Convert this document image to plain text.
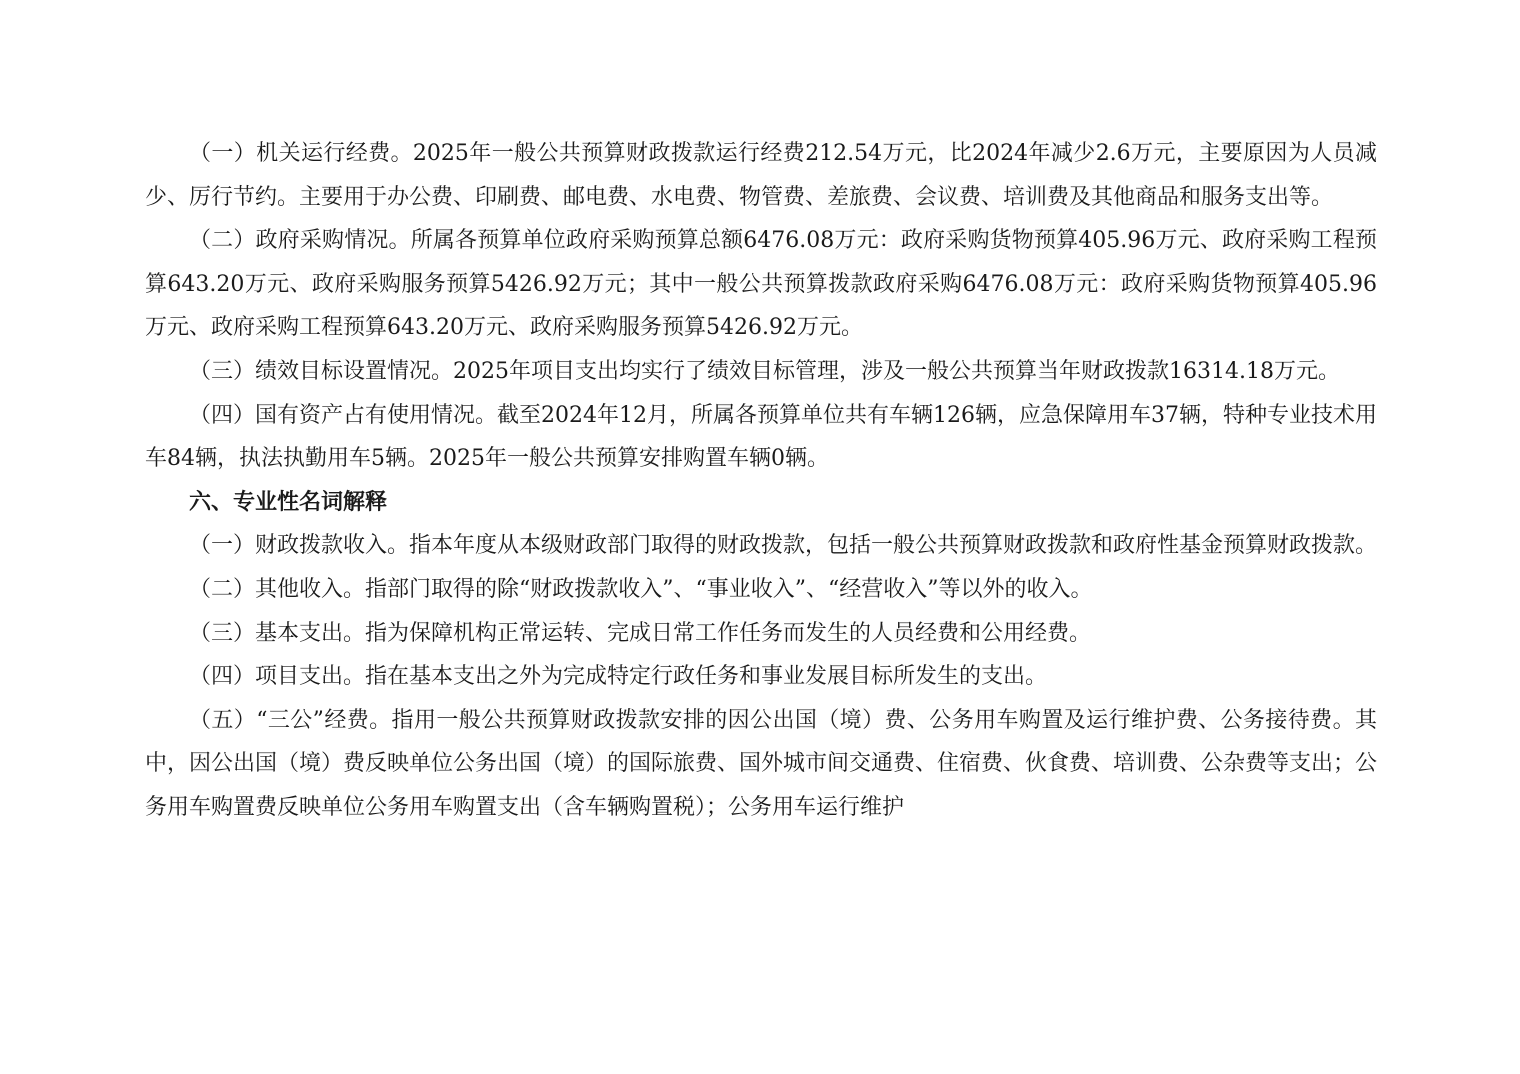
（一）机关运行经费。2025年一般公共预算财政拨款运行经费212.54万元，比2024年减少2.6万元，主要原因为人员减少、厉行节约。主要用于办公费、印刷费、邮电费、水电费、物管费、差旅费、会议费、培训费及其他商品和服务支出等。

（二）政府采购情况。所属各预算单位政府采购预算总额6476.08万元：政府采购货物预算405.96万元、政府采购工程预算643.20万元、政府采购服务预算5426.92万元；其中一般公共预算拨款政府采购6476.08万元：政府采购货物预算405.96万元、政府采购工程预算643.20万元、政府采购服务预算5426.92万元。

（三）绩效目标设置情况。2025年项目支出均实行了绩效目标管理，涉及一般公共预算当年财政拨款16314.18万元。

（四）国有资产占有使用情况。截至2024年12月，所属各预算单位共有车辆126辆，应急保障用车37辆，特种专业技术用车84辆，执法执勤用车5辆。2025年一般公共预算安排购置车辆0辆。

六、专业性名词解释

（一）财政拨款收入。指本年度从本级财政部门取得的财政拨款，包括一般公共预算财政拨款和政府性基金预算财政拨款。

（二）其他收入。指部门取得的除“财政拨款收入”、“事业收入”、“经营收入”等以外的收入。

（三）基本支出。指为保障机构正常运转、完成日常工作任务而发生的人员经费和公用经费。

（四）项目支出。指在基本支出之外为完成特定行政任务和事业发展目标所发生的支出。

（五）“三公”经费。指用一般公共预算财政拨款安排的因公出国（境）费、公务用车购置及运行维护费、公务接待费。其中，因公出国（境）费反映单位公务出国（境）的国际旅费、国外城市间交通费、住宿费、伙食费、培训费、公杂费等支出；公务用车购置费反映单位公务用车购置支出（含车辆购置税）；公务用车运行维护
